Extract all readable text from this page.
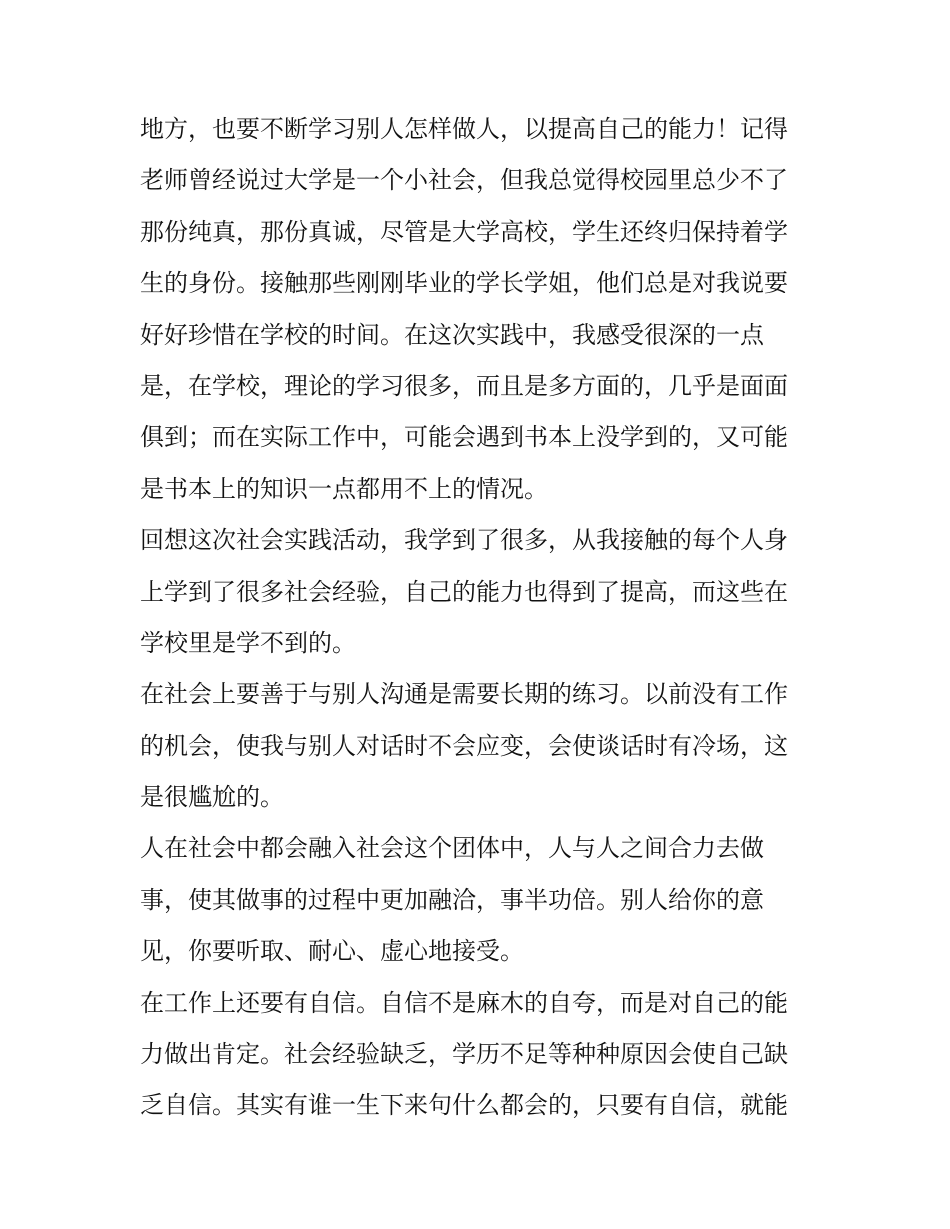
地方，也要不断学习别人怎样做人，以提高自己的能力！记得
老师曾经说过大学是一个小社会，但我总觉得校园里总少不了
那份纯真，那份真诚，尽管是大学高校，学生还终归保持着学
生的身份。接触那些刚刚毕业的学长学姐，他们总是对我说要
好好珍惜在学校的时间。在这次实践中，我感受很深的一点
是，在学校，理论的学习很多，而且是多方面的，几乎是面面
俱到；而在实际工作中，可能会遇到书本上没学到的，又可能
是书本上的知识一点都用不上的情况。
回想这次社会实践活动，我学到了很多，从我接触的每个人身
上学到了很多社会经验，自己的能力也得到了提高，而这些在
学校里是学不到的。
在社会上要善于与别人沟通是需要长期的练习。以前没有工作
的机会，使我与别人对话时不会应变，会使谈话时有冷场，这
是很尴尬的。
人在社会中都会融入社会这个团体中，人与人之间合力去做
事，使其做事的过程中更加融洽，事半功倍。别人给你的意
见，你要听取、耐心、虚心地接受。
在工作上还要有自信。自信不是麻木的自夸，而是对自己的能
力做出肯定。社会经验缺乏，学历不足等种种原因会使自己缺
乏自信。其实有谁一生下来句什么都会的，只要有自信，就能
